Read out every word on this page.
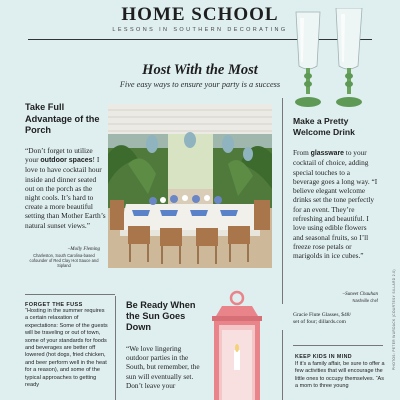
HOME SCHOOL
LESSONS IN SOUTHERN DECORATING
Host With the Most
Five easy ways to ensure your party is a success
Take Full Advantage of the Porch
“Don’t forget to utilize your outdoor spaces! I love to have cocktail hour inside and dinner seated out on the porch as the night cools. It’s hard to create a more beautiful setting than Mother Earth’s natural sunset views.”
–Molly Fleming
Charleston, South Carolina-based cofounder of Red Clay Hot Sauce and Sipland
Make a Pretty Welcome Drink
From glassware to your cocktail of choice, adding special touches to a beverage goes a long way. “I believe elegant welcome drinks set the tone perfectly for an event. They’re refreshing and beautiful. I love using edible flowers and seasonal fruits, so I’ll freeze rose petals or marigolds in ice cubes.”
–Suneet Chauhan
Nashville chef
Gracie Flute Glasses, $48/
set of four; dillards.com
FORGET THE FUSS
“Hosting in the summer requires a certain relaxation of expectations: Some of the guests will be traveling or out of town, some of your standards for foods and beverages are better off lowered (hot dogs, fried chicken, and beer perform well in the heat for a reason), and some of the typical approaches to getting ready
Be Ready When the Sun Goes Down
“We love lingering outdoor parties in the South, but remember, the sun will eventually set. Don’t leave your
KEEP KIDS IN MIND
If it’s a family affair, be sure to offer a few activities that will encourage the little ones to occupy themselves. “As a mom to three young
PHOTOS: PETER WURDACK (COURTESY SILLARD 2.0)
